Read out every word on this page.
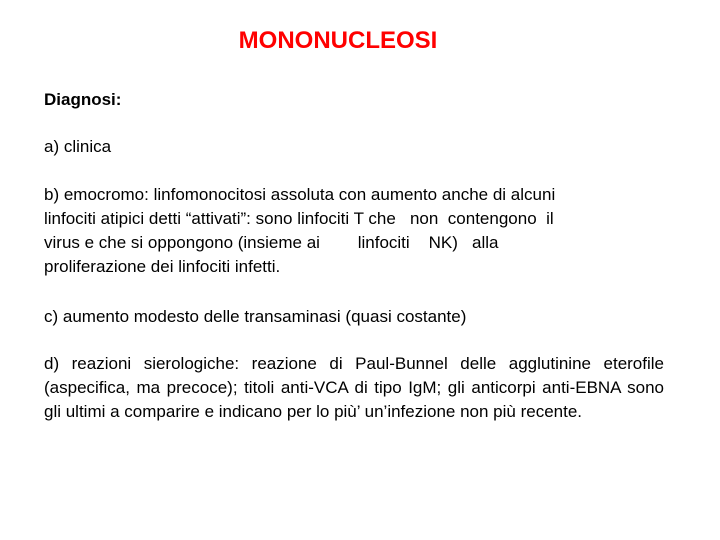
MONONUCLEOSI

Diagnosi:

a) clinica

b) emocromo: linfomonocitosi assoluta con aumento anche di alcuni
linfociti atipici detti “attivati”: sono linfociti T che   non  contengono  il
virus e che si oppongono (insieme ai        linfociti    NK)   alla
proliferazione dei linfociti infetti.

c) aumento modesto delle transaminasi (quasi costante)

d) reazioni sierologiche: reazione di Paul-Bunnel delle agglutinine eterofile (aspecifica, ma precoce); titoli anti-VCA di tipo IgM; gli anticorpi anti-EBNA sono gli ultimi a comparire e indicano per lo più’ un’infezione non più recente.
